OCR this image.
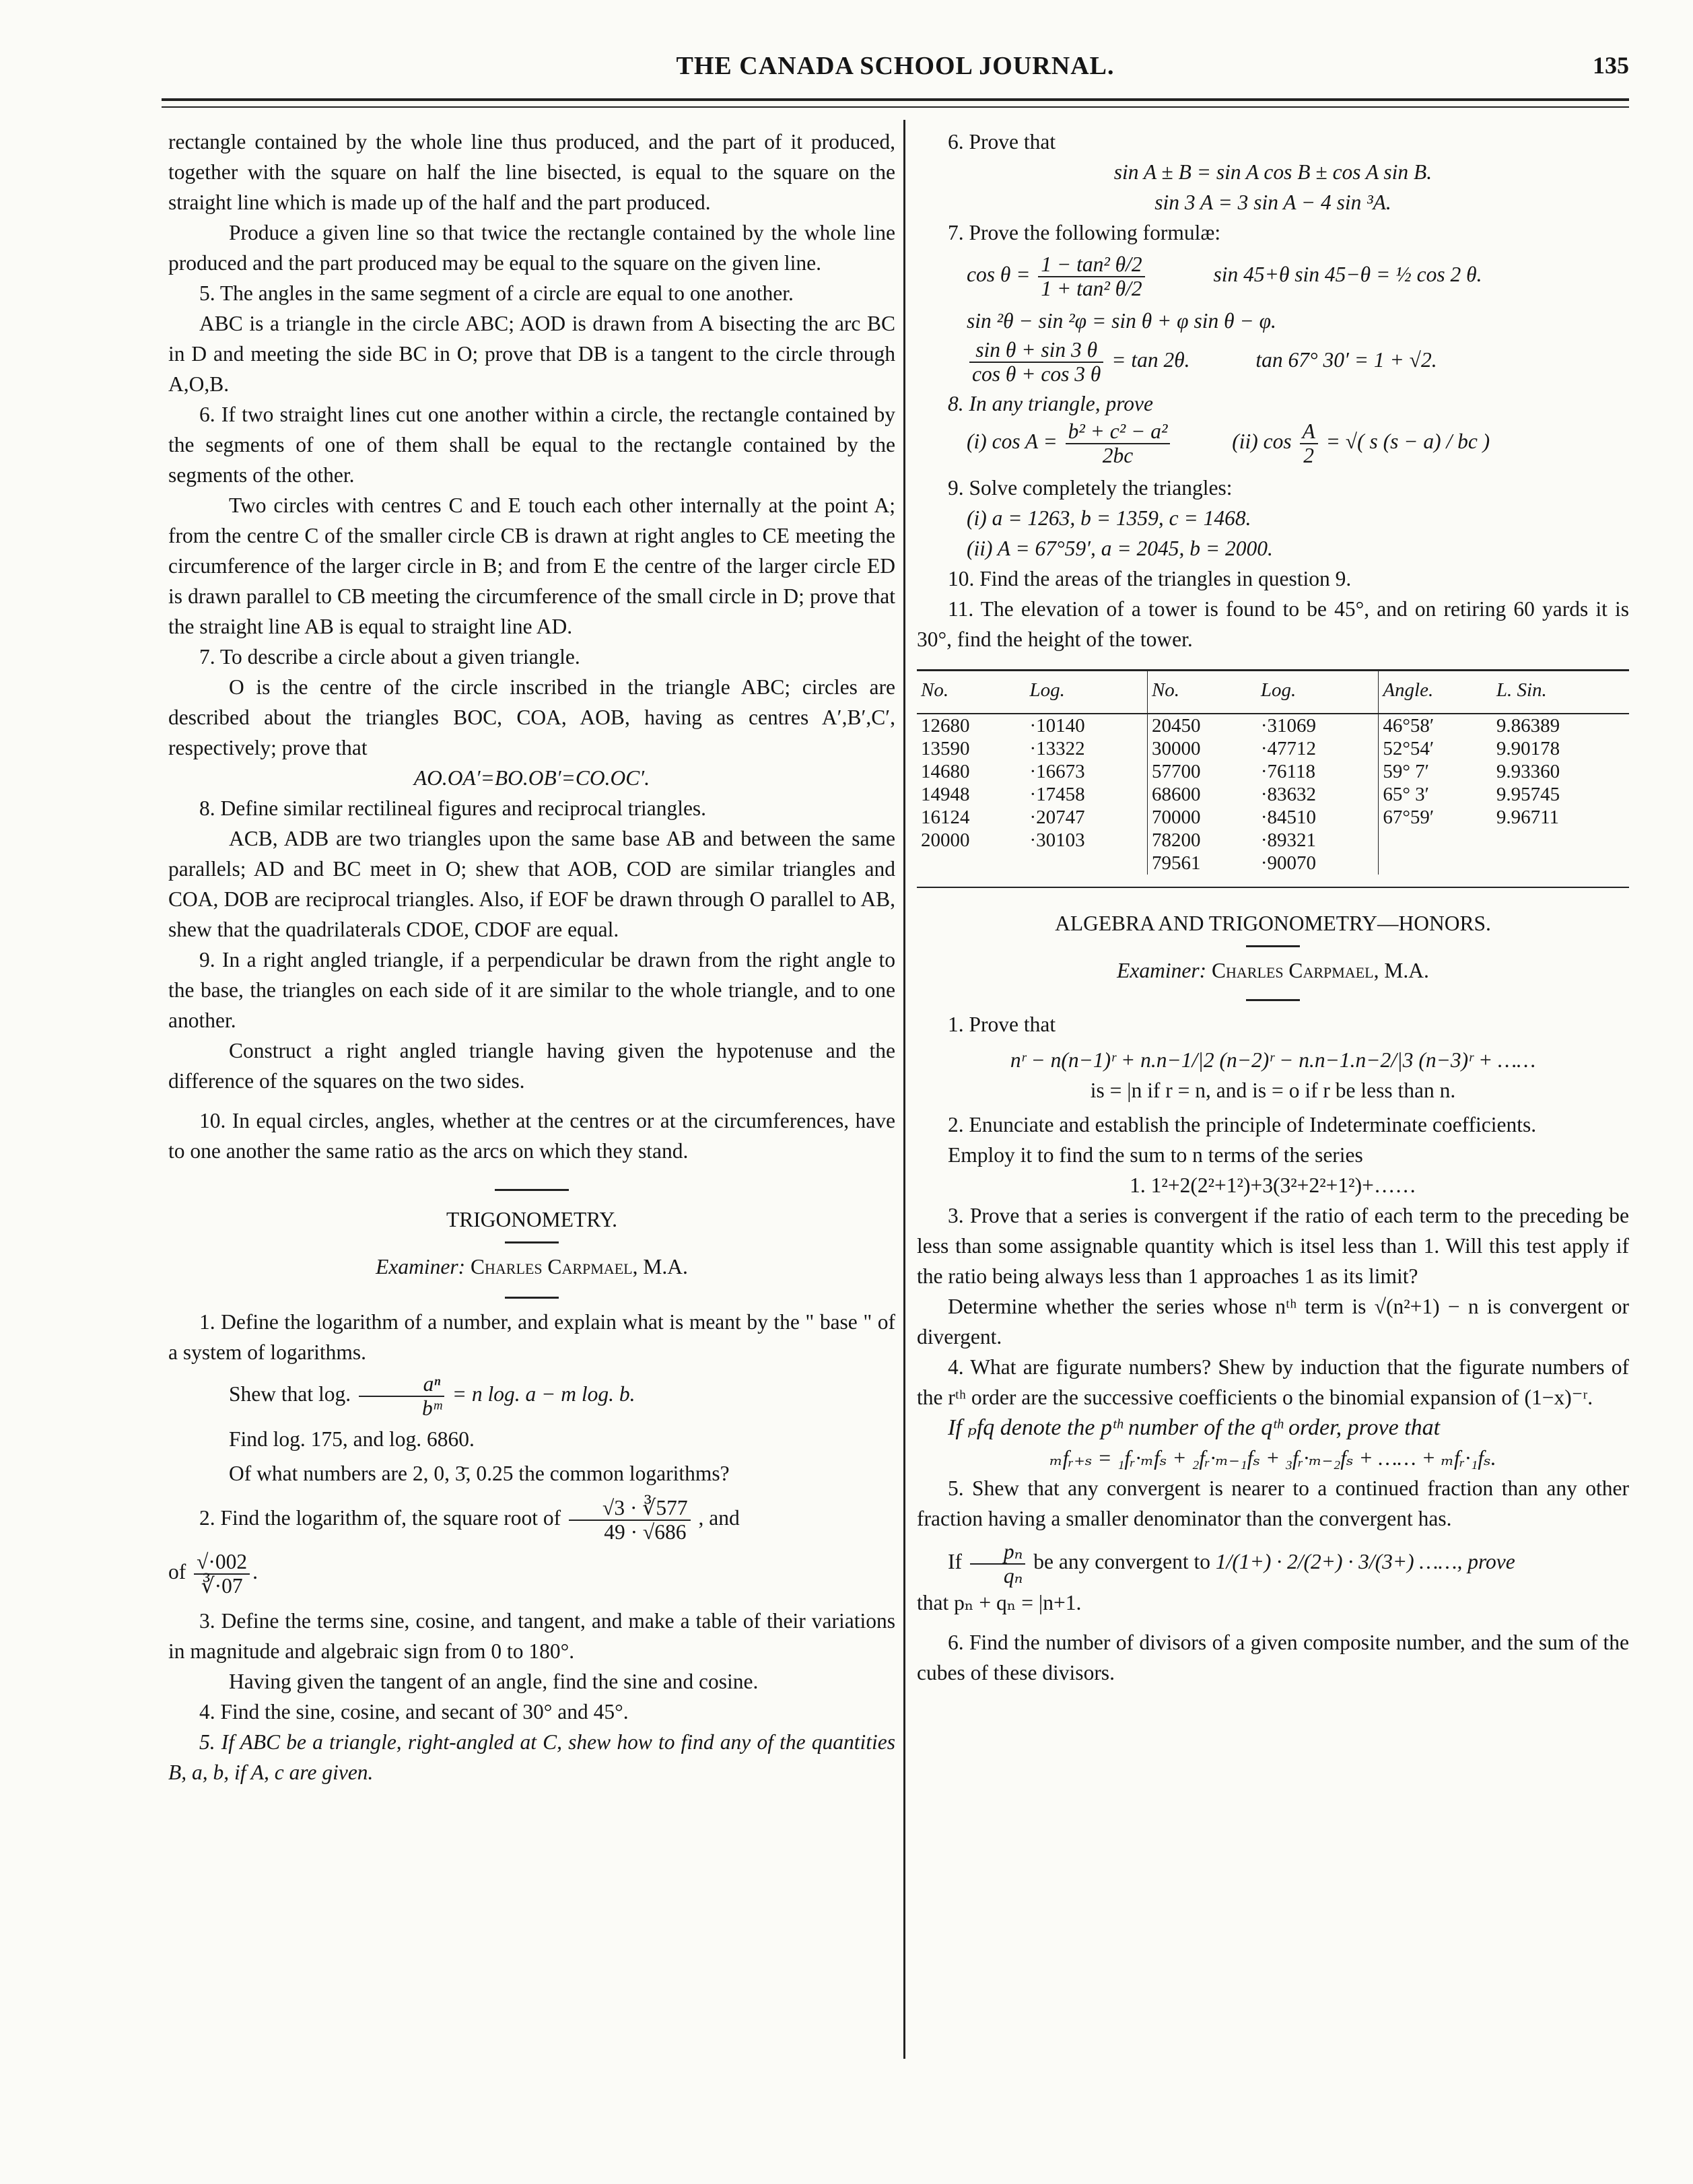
THE CANADA SCHOOL JOURNAL.	135

rectangle contained by the whole line thus produced, and the part of it produced, together with the square on half the line bisected, is equal to the square on the straight line which is made up of the half and the part produced.

Produce a given line so that twice the rectangle contained by the whole line produced and the part produced may be equal to the square on the given line.

5. The angles in the same segment of a circle are equal to one another.

ABC is a triangle in the circle ABC; AOD is drawn from A bisecting the arc BC in D and meeting the side BC in O; prove that DB is a tangent to the circle through A,O,B.

6. If two straight lines cut one another within a circle, the rectangle contained by the segments of one of them shall be equal to the rectangle contained by the segments of the other.

Two circles with centres C and E touch each other internally at the point A; from the centre C of the smaller circle CB is drawn at right angles to CE meeting the circumference of the larger circle in B; and from E the centre of the larger circle ED is drawn parallel to CB meeting the circumference of the small circle in D; prove that the straight line AB is equal to straight line AD.

7. To describe a circle about a given triangle.

O is the centre of the circle inscribed in the triangle ABC; circles are described about the triangles BOC, COA, AOB, having as centres A′,B′,C′, respectively; prove that

AO.OA′=BO.OB′=CO.OC′.

8. Define similar rectilineal figures and reciprocal triangles.

ACB, ADB are two triangles upon the same base AB and between the same parallels; AD and BC meet in O; shew that AOB, COD are similar triangles and COA, DOB are reciprocal triangles. Also, if EOF be drawn through O parallel to AB, shew that the quadrilaterals CDOE, CDOF are equal.

9. In a right angled triangle, if a perpendicular be drawn from the right angle to the base, the triangles on each side of it are similar to the whole triangle, and to one another.

Construct a right angled triangle having given the hypotenuse and the difference of the squares on the two sides.

10. In equal circles, angles, whether at the centres or at the circumferences, have to one another the same ratio as the arcs on which they stand.

TRIGONOMETRY.

Examiner: Charles Carpmael, M.A.

1. Define the logarithm of a number, and explain what is meant by the " base " of a system of logarithms.

Shew that log. $\frac{\text{aⁿ}}{\text{bᵐ}} = n$ log. a − m log. b.

Find log. 175, and log. 6860.

Of what numbers are 2, 0, 3̄, 0.25 the common logarithms?

2. Find the logarithm of, the square root of $\frac{√3 \cdot ∛577}{49 \cdot √686}$ , and

of $\frac{√\cdot 002}{∛\cdot 07}$ .

3. Define the terms sine, cosine, and tangent, and make a table of their variations in magnitude and algebraic sign from 0 to 180°.

Having given the tangent of an angle, find the sine and cosine.

4. Find the sine, cosine, and secant of 30° and 45°.

5. If ABC be a triangle, right-angled at C, shew how to find any of the quantities B, a, b, if A, c are given.

6. Prove that

sin A ± B = sin A cos B ± cos A sin B.

sin 3 A = 3 sin A − 4 sin ³A.

7. Prove the following formulæ:

$\cos \theta = \frac{\text{1 − tan² θ/2}}{\text{1 + tan² θ/2}}$	sin 45+θ sin 45−θ = ½ cos 2 θ.

sin ²θ − sin ²φ = sin θ + φ sin θ − φ.

$\frac{\text{sin θ + sin 3 θ}}{\text{cos θ + cos 3 θ}} = \tan 2\theta$.	tan 67° 30′ = 1 + √2.

8. In any triangle, prove

(i) $\cos A = \frac{\text{b² + c² − a²}}{2bc}$	(ii) $\cos \frac{A}{2}$ = √( s (s − a) / bc )

9. Solve completely the triangles:

(i) a = 1263, b = 1359, c = 1468.

(ii) A = 67°59′, a = 2045, b = 2000.

10. Find the areas of the triangles in question 9.

11. The elevation of a tower is found to be 45°, and on retiring 60 yards it is 30°, find the height of the tower.

No.	Log.	No.	Log.	Angle.	L. Sin.
12680	·10140	20450	·31069	46°58′	9.86389
13590	·13322	30000	·47712	52°54′	9.90178
14680	·16673	57700	·76118	59° 7′	9.93360
14948	·17458	68600	·83632	65° 3′	9.95745
16124	·20747	70000	·84510	67°59′	9.96711
20000	·30103	78200	·89321		
		79561	·90070		

ALGEBRA AND TRIGONOMETRY—HONORS.

Examiner: Charles Carpmael, M.A.

1. Prove that

nʳ − n(n−1)ʳ + n.n−1/|2 (n−2)ʳ − n.n−1.n−2/|3 (n−3)ʳ + ……

is = |n if r = n, and is = o if r be less than n.

2. Enunciate and establish the principle of Indeterminate coefficients.

Employ it to find the sum to n terms of the series

1. 1²+2(2²+1²)+3(3²+2²+1²)+……

3. Prove that a series is convergent if the ratio of each term to the preceding be less than some assignable quantity which is itsel less than 1. Will this test apply if the ratio being always less than 1 approaches 1 as its limit?

Determine whether the series whose nᵗʰ term is √(n²+1) − n is convergent or divergent.

4. What are figurate numbers? Shew by induction that the figurate numbers of the rᵗʰ order are the successive coefficients o the binomial expansion of (1−x)⁻ʳ.

If ₚfq denote the pᵗʰ number of the qᵗʰ order, prove that

ₘfᵣ₊ₛ = ₁fᵣ·ₘfₛ + ₂fᵣ·ₘ₋₁fₛ + ₃fᵣ·ₘ₋₂fₛ + …… + ₘfᵣ·₁fₛ.

5. Shew that any convergent is nearer to a continued fraction than any other fraction having a smaller denominator than the convergent has.

If $\frac{\text{pₙ}}{\text{qₙ}}$ be any convergent to 1/(1+) · 2/(2+) · 3/(3+) ……, prove

that pₙ + qₙ = |n+1.

6. Find the number of divisors of a given composite number, and the sum of the cubes of these divisors.
